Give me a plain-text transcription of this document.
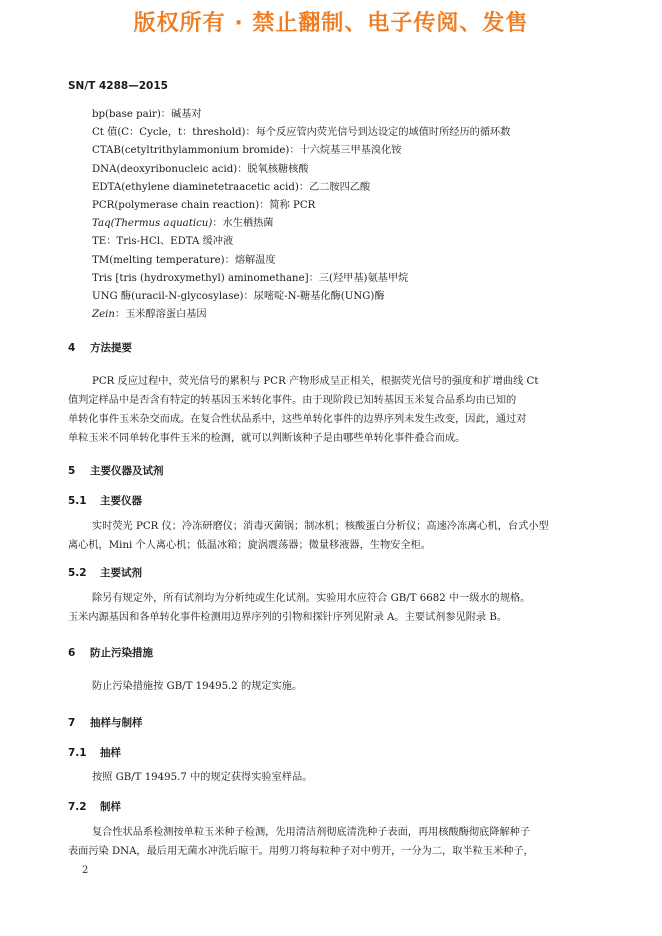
版权所有 · 禁止翻制、电子传阅、发售
SN/T 4288—2015
bp(base pair)：碱基对
Ct 值(C：Cycle，t：threshold)：每个反应管内荧光信号到达设定的域值时所经历的循环数
CTAB(cetyltrithylammonium bromide)：十六烷基三甲基溴化铵
DNA(deoxyribonucleic acid)：脱氧核糖核酸
EDTA(ethylene diaminetetraacetic acid)：乙二胺四乙酸
PCR(polymerase chain reaction)：简称 PCR
Taq(Thermus aquaticu)：水生栖热菌
TE：Tris-HCl、EDTA 缓冲液
TM(melting temperature)：熔解温度
Tris [tris (hydroxymethyl) aminomethane]：三(羟甲基)氨基甲烷
UNG 酶(uracil-N-glycosylase)：尿嘧啶-N-糖基化酶(UNG)酶
Zein：玉米醇溶蛋白基因
4 方法提要
PCR 反应过程中，荧光信号的累积与 PCR 产物形成呈正相关，根据荧光信号的强度和扩增曲线 Ct
值判定样品中是否含有特定的转基因玉米转化事件。由于现阶段已知转基因玉米复合品系均由已知的
单转化事件玉米杂交而成。在复合性状品系中，这些单转化事件的边界序列未发生改变，因此，通过对
单粒玉米不同单转化事件玉米的检测，就可以判断该种子是由哪些单转化事件叠合而成。
5 主要仪器及试剂
5.1 主要仪器
实时荧光 PCR 仪；冷冻研磨仪；消毒灭菌锅；制冰机；核酸蛋白分析仪；高速冷冻离心机，台式小型
离心机，Mini 个人离心机；低温冰箱；旋涡震荡器；微量移液器，生物安全柜。
5.2 主要试剂
除另有规定外，所有试剂均为分析纯或生化试剂。实验用水应符合 GB/T 6682 中一级水的规格。
玉米内源基因和各单转化事件检测用边界序列的引物和探针序列见附录 A。主要试剂参见附录 B。
6 防止污染措施
防止污染措施按 GB/T 19495.2 的规定实施。
7 抽样与制样
7.1 抽样
按照 GB/T 19495.7 中的规定获得实验室样品。
7.2 制样
复合性状品系检测按单粒玉米种子检测，先用清洁剂彻底清洗种子表面，再用核酸酶彻底降解种子
表面污染 DNA，最后用无菌水冲洗后晾干。用剪刀将每粒种子对中剪开，一分为二，取半粒玉米种子，
2
